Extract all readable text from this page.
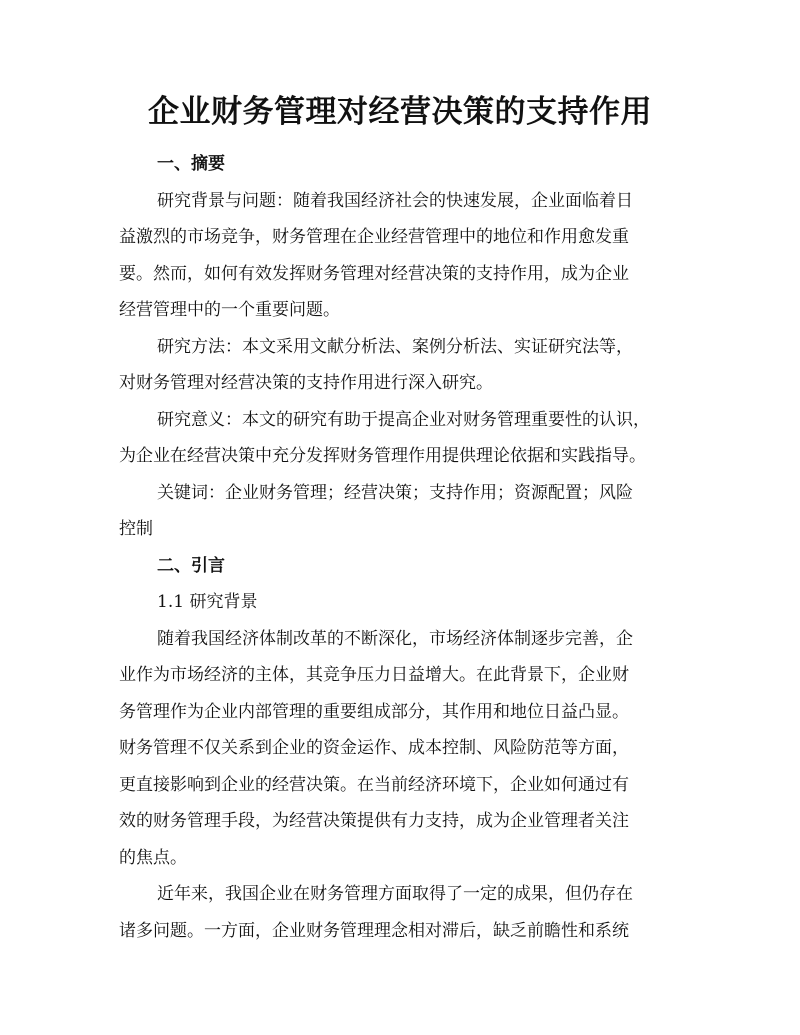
企业财务管理对经营决策的支持作用
一、摘要
研究背景与问题：随着我国经济社会的快速发展，企业面临着日
益激烈的市场竞争，财务管理在企业经营管理中的地位和作用愈发重
要。然而，如何有效发挥财务管理对经营决策的支持作用，成为企业
经营管理中的一个重要问题。
研究方法：本文采用文献分析法、案例分析法、实证研究法等，
对财务管理对经营决策的支持作用进行深入研究。
研究意义：本文的研究有助于提高企业对财务管理重要性的认识，
为企业在经营决策中充分发挥财务管理作用提供理论依据和实践指导。
关键词：企业财务管理；经营决策；支持作用；资源配置；风险
控制
二、引言
1.1 研究背景
随着我国经济体制改革的不断深化，市场经济体制逐步完善，企
业作为市场经济的主体，其竞争压力日益增大。在此背景下，企业财
务管理作为企业内部管理的重要组成部分，其作用和地位日益凸显。
财务管理不仅关系到企业的资金运作、成本控制、风险防范等方面，
更直接影响到企业的经营决策。在当前经济环境下，企业如何通过有
效的财务管理手段，为经营决策提供有力支持，成为企业管理者关注
的焦点。
近年来，我国企业在财务管理方面取得了一定的成果，但仍存在
诸多问题。一方面，企业财务管理理念相对滞后，缺乏前瞻性和系统
